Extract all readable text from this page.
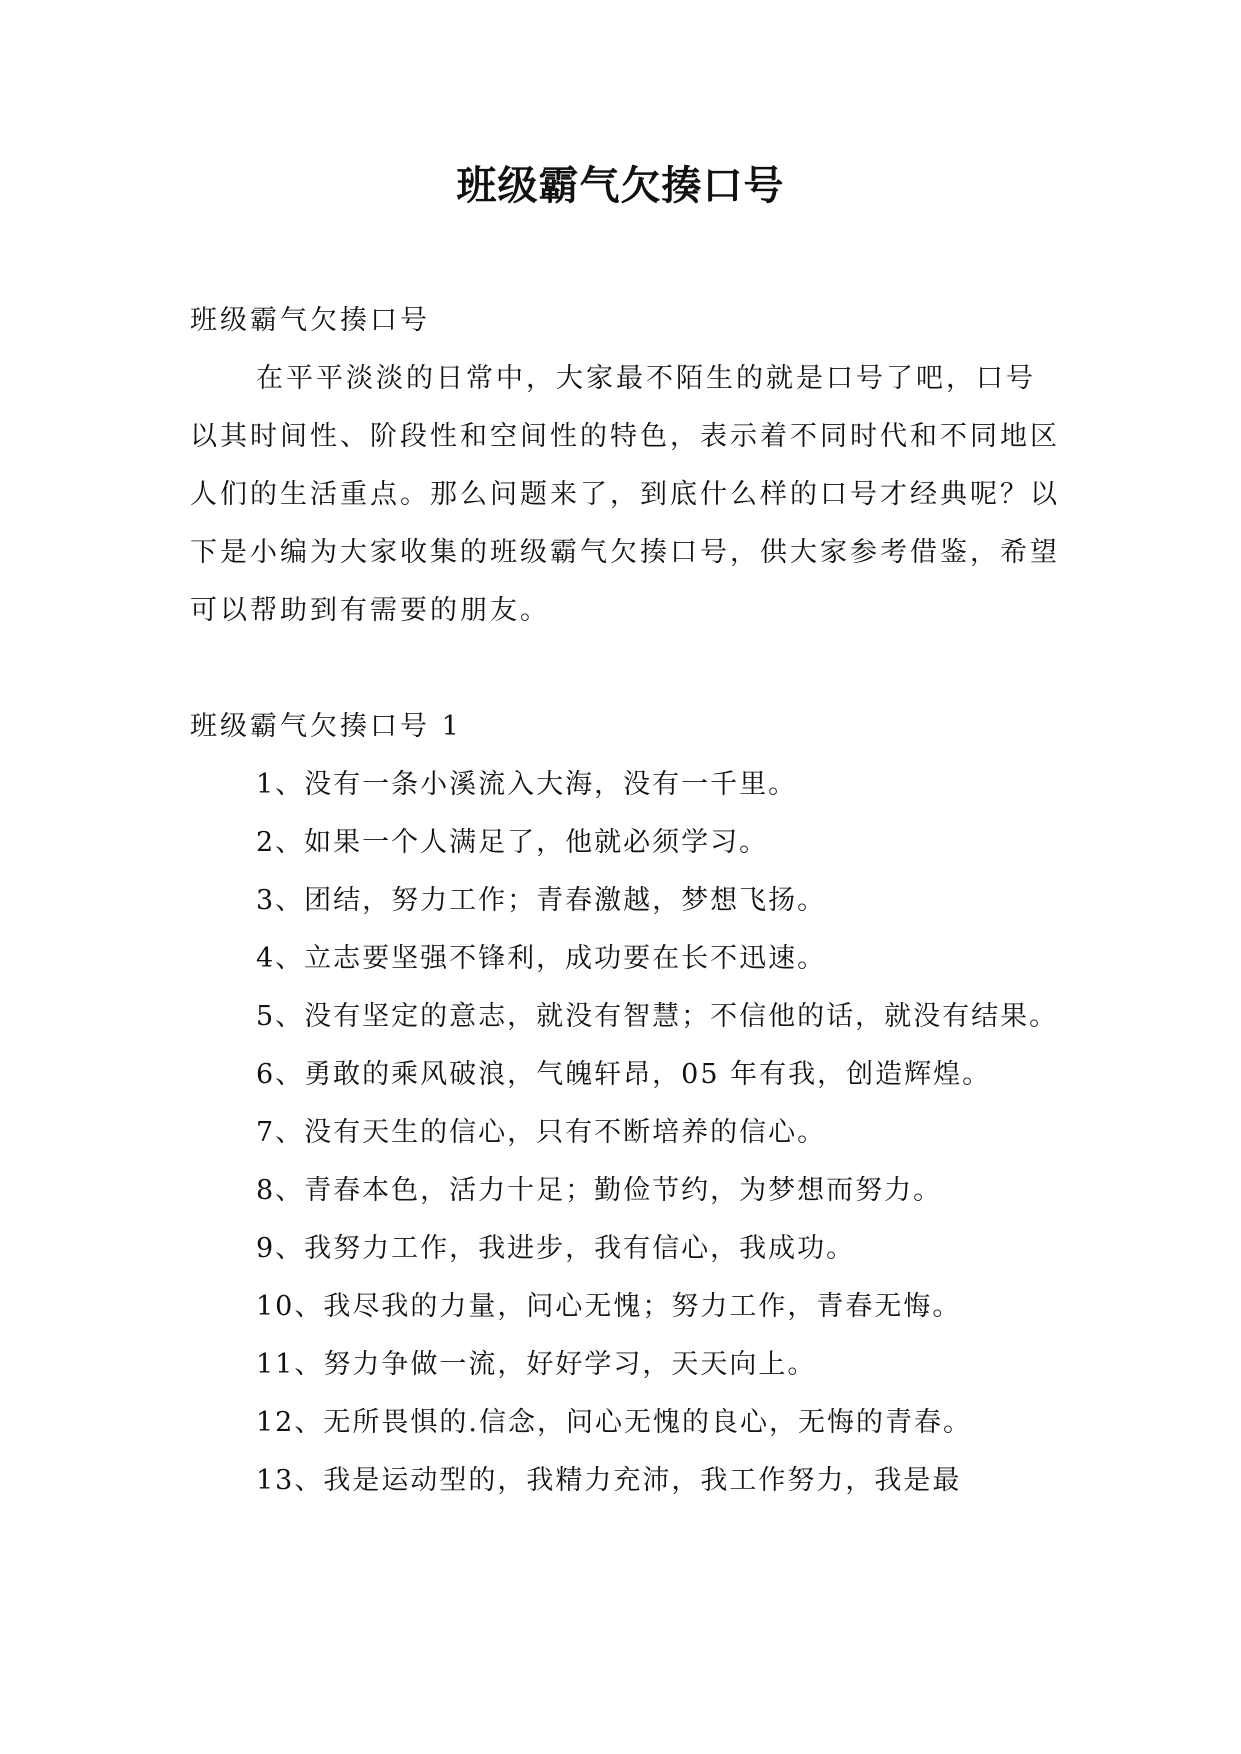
班级霸气欠揍口号

班级霸气欠揍口号

在平平淡淡的日常中，大家最不陌生的就是口号了吧，口号以其时间性、阶段性和空间性的特色，表示着不同时代和不同地区人们的生活重点。那么问题来了，到底什么样的口号才经典呢？以下是小编为大家收集的班级霸气欠揍口号，供大家参考借鉴，希望可以帮助到有需要的朋友。

班级霸气欠揍口号 1

1、没有一条小溪流入大海，没有一千里。
2、如果一个人满足了，他就必须学习。
3、团结，努力工作；青春激越，梦想飞扬。
4、立志要坚强不锋利，成功要在长不迅速。
5、没有坚定的意志，就没有智慧；不信他的话，就没有结果。
6、勇敢的乘风破浪，气魄轩昂，05 年有我，创造辉煌。
7、没有天生的信心，只有不断培养的信心。
8、青春本色，活力十足；勤俭节约，为梦想而努力。
9、我努力工作，我进步，我有信心，我成功。
10、我尽我的力量，问心无愧；努力工作，青春无悔。
11、努力争做一流，好好学习，天天向上。
12、无所畏惧的.信念，问心无愧的良心，无悔的青春。
13、我是运动型的，我精力充沛，我工作努力，我是最
